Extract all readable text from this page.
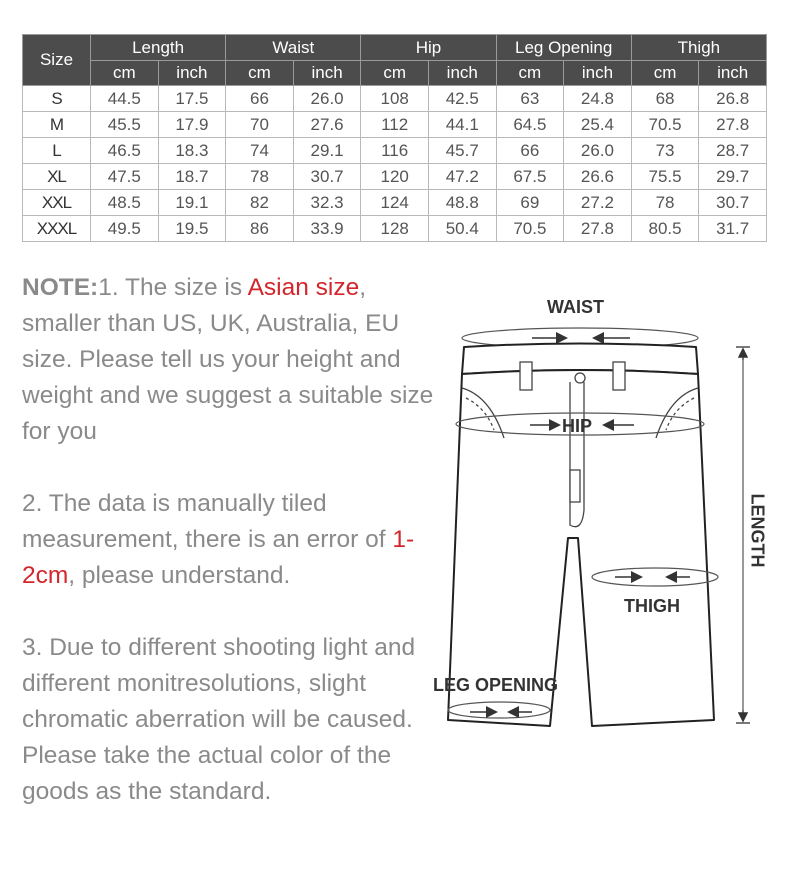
Size	Length		Waist		Hip		Leg Opening		Thigh	
	cm	inch	cm	inch	cm	inch	cm	inch	cm	inch
S	44.5	17.5	66	26.0	108	42.5	63	24.8	68	26.8
M	45.5	17.9	70	27.6	112	44.1	64.5	25.4	70.5	27.8
L	46.5	18.3	74	29.1	116	45.7	66	26.0	73	28.7
XL	47.5	18.7	78	30.7	120	47.2	67.5	26.6	75.5	29.7
XXL	48.5	19.1	82	32.3	124	48.8	69	27.2	78	30.7
XXXL	49.5	19.5	86	33.9	128	50.4	70.5	27.8	80.5	31.7

NOTE:1. The size is Asian size, smaller than US, UK, Australia, EU size. Please tell us your height and weight and we suggest a suitable size for you

2. The data is manually tiled measurement, there is an error of 1-2cm, please understand.

3. Due to different shooting light and different monitresolutions, slight chromatic aberration will be caused. Please take the actual color of the goods as the standard.

WAIST
HIP
THIGH
LEG OPENING
LENGTH
